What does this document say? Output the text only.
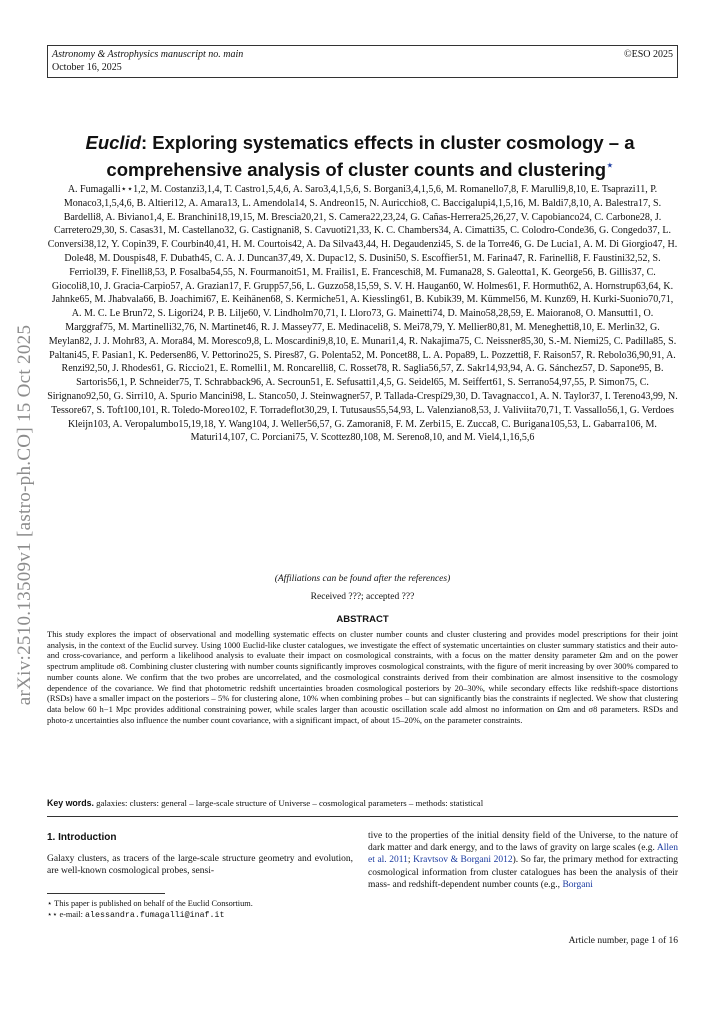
arXiv:2510.13509v1 [astro-ph.CO] 15 Oct 2025
Astronomy & Astrophysics manuscript no. main
October 16, 2025
©ESO 2025
Euclid: Exploring systematics effects in cluster cosmology – a
comprehensive analysis of cluster counts and clustering⋆
A. Fumagalli⋆⋆1,2, M. Costanzi3,1,4, T. Castro1,5,4,6, A. Saro3,4,1,5,6, S. Borgani3,4,1,5,6, M. Romanello7,8, F. Marulli9,8,10, E. Tsaprazi11, P. Monaco3,1,5,4,6, B. Altieri12, A. Amara13, L. Amendola14, S. Andreon15, N. Auricchio8, C. Baccigalupi4,1,5,16, M. Baldi7,8,10, A. Balestra17, S. Bardelli8, A. Biviano1,4, E. Branchini18,19,15, M. Brescia20,21, S. Camera22,23,24, G. Cañas-Herrera25,26,27, V. Capobianco24, C. Carbone28, J. Carretero29,30, S. Casas31, M. Castellano32, G. Castignani8, S. Cavuoti21,33, K. C. Chambers34, A. Cimatti35, C. Colodro-Conde36, G. Congedo37, L. Conversi38,12, Y. Copin39, F. Courbin40,41, H. M. Courtois42, A. Da Silva43,44, H. Degaudenzi45, S. de la Torre46, G. De Lucia1, A. M. Di Giorgio47, H. Dole48, M. Douspis48, F. Dubath45, C. A. J. Duncan37,49, X. Dupac12, S. Dusini50, S. Escoffier51, M. Farina47, R. Farinelli8, F. Faustini32,52, S. Ferriol39, F. Finelli8,53, P. Fosalba54,55, N. Fourmanoit51, M. Frailis1, E. Franceschi8, M. Fumana28, S. Galeotta1, K. George56, B. Gillis37, C. Giocoli8,10, J. Gracia-Carpio57, A. Grazian17, F. Grupp57,56, L. Guzzo58,15,59, S. V. H. Haugan60, W. Holmes61, F. Hormuth62, A. Hornstrup63,64, K. Jahnke65, M. Jhabvala66, B. Joachimi67, E. Keihänen68, S. Kermiche51, A. Kiessling61, B. Kubik39, M. Kümmel56, M. Kunz69, H. Kurki-Suonio70,71, A. M. C. Le Brun72, S. Ligori24, P. B. Lilje60, V. Lindholm70,71, I. Lloro73, G. Mainetti74, D. Maino58,28,59, E. Maiorano8, O. Mansutti1, O. Marggraf75, M. Martinelli32,76, N. Martinet46, R. J. Massey77, E. Medinaceli8, S. Mei78,79, Y. Mellier80,81, M. Meneghetti8,10, E. Merlin32, G. Meylan82, J. J. Mohr83, A. Mora84, M. Moresco9,8, L. Moscardini9,8,10, E. Munari1,4, R. Nakajima75, C. Neissner85,30, S.-M. Niemi25, C. Padilla85, S. Paltani45, F. Pasian1, K. Pedersen86, V. Pettorino25, S. Pires87, G. Polenta52, M. Poncet88, L. A. Popa89, L. Pozzetti8, F. Raison57, R. Rebolo36,90,91, A. Renzi92,50, J. Rhodes61, G. Riccio21, E. Romelli1, M. Roncarelli8, C. Rosset78, R. Saglia56,57, Z. Sakr14,93,94, A. G. Sánchez57, D. Sapone95, B. Sartoris56,1, P. Schneider75, T. Schrabback96, A. Secroun51, E. Sefusatti1,4,5, G. Seidel65, M. Seiffert61, S. Serrano54,97,55, P. Simon75, C. Sirignano92,50, G. Sirri10, A. Spurio Mancini98, L. Stanco50, J. Steinwagner57, P. Tallada-Crespí29,30, D. Tavagnacco1, A. N. Taylor37, I. Tereno43,99, N. Tessore67, S. Toft100,101, R. Toledo-Moreo102, F. Torradeflot30,29, I. Tutusaus55,54,93, L. Valenziano8,53, J. Valiviita70,71, T. Vassallo56,1, G. Verdoes Kleijn103, A. Veropalumbo15,19,18, Y. Wang104, J. Weller56,57, G. Zamorani8, F. M. Zerbi15, E. Zucca8, C. Burigana105,53, L. Gabarra106, M. Maturi14,107, C. Porciani75, V. Scottez80,108, M. Sereno8,10, and M. Viel4,1,16,5,6
(Affiliations can be found after the references)
Received ???; accepted ???
ABSTRACT
This study explores the impact of observational and modelling systematic effects on cluster number counts and cluster clustering and provides model prescriptions for their joint analysis, in the context of the Euclid survey. Using 1000 Euclid-like cluster catalogues, we investigate the effect of systematic uncertainties on cluster summary statistics and their auto- and cross-covariance, and perform a likelihood analysis to evaluate their impact on cosmological constraints, with a focus on the matter density parameter Ωm and on the power spectrum amplitude σ8. Combining cluster clustering with number counts significantly improves cosmological constraints, with the figure of merit increasing by over 300% compared to number counts alone. We confirm that the two probes are uncorrelated, and the cosmological constraints derived from their combination are almost insensitive to the cosmology dependence of the covariance. We find that photometric redshift uncertainties broaden cosmological posteriors by 20–30%, while secondary effects like redshift-space distortions (RSDs) have a smaller impact on the posteriors – 5% for clustering alone, 10% when combining probes – but can significantly bias the constraints if neglected. We show that clustering data below 60 h−1 Mpc provides additional constraining power, while scales larger than acoustic oscillation scale add almost no information on Ωm and σ8 parameters. RSDs and photo-z uncertainties also influence the number count covariance, with a significant impact, of about 15–20%, on the parameter constraints.
Key words. galaxies: clusters: general – large-scale structure of Universe – cosmological parameters – methods: statistical
1. Introduction
Galaxy clusters, as tracers of the large-scale structure geometry and evolution, are well-known cosmological probes, sensi-
tive to the properties of the initial density field of the Universe, to the nature of dark matter and dark energy, and to the laws of gravity on large scales (e.g. Allen et al. 2011; Kravtsov & Borgani 2012). So far, the primary method for extracting cosmological information from cluster catalogues has been the analysis of their mass- and redshift-dependent number counts (e.g., Borgani
⋆ This paper is published on behalf of the Euclid Consortium.
⋆⋆ e-mail: alessandra.fumagalli@inaf.it
Article number, page 1 of 16
